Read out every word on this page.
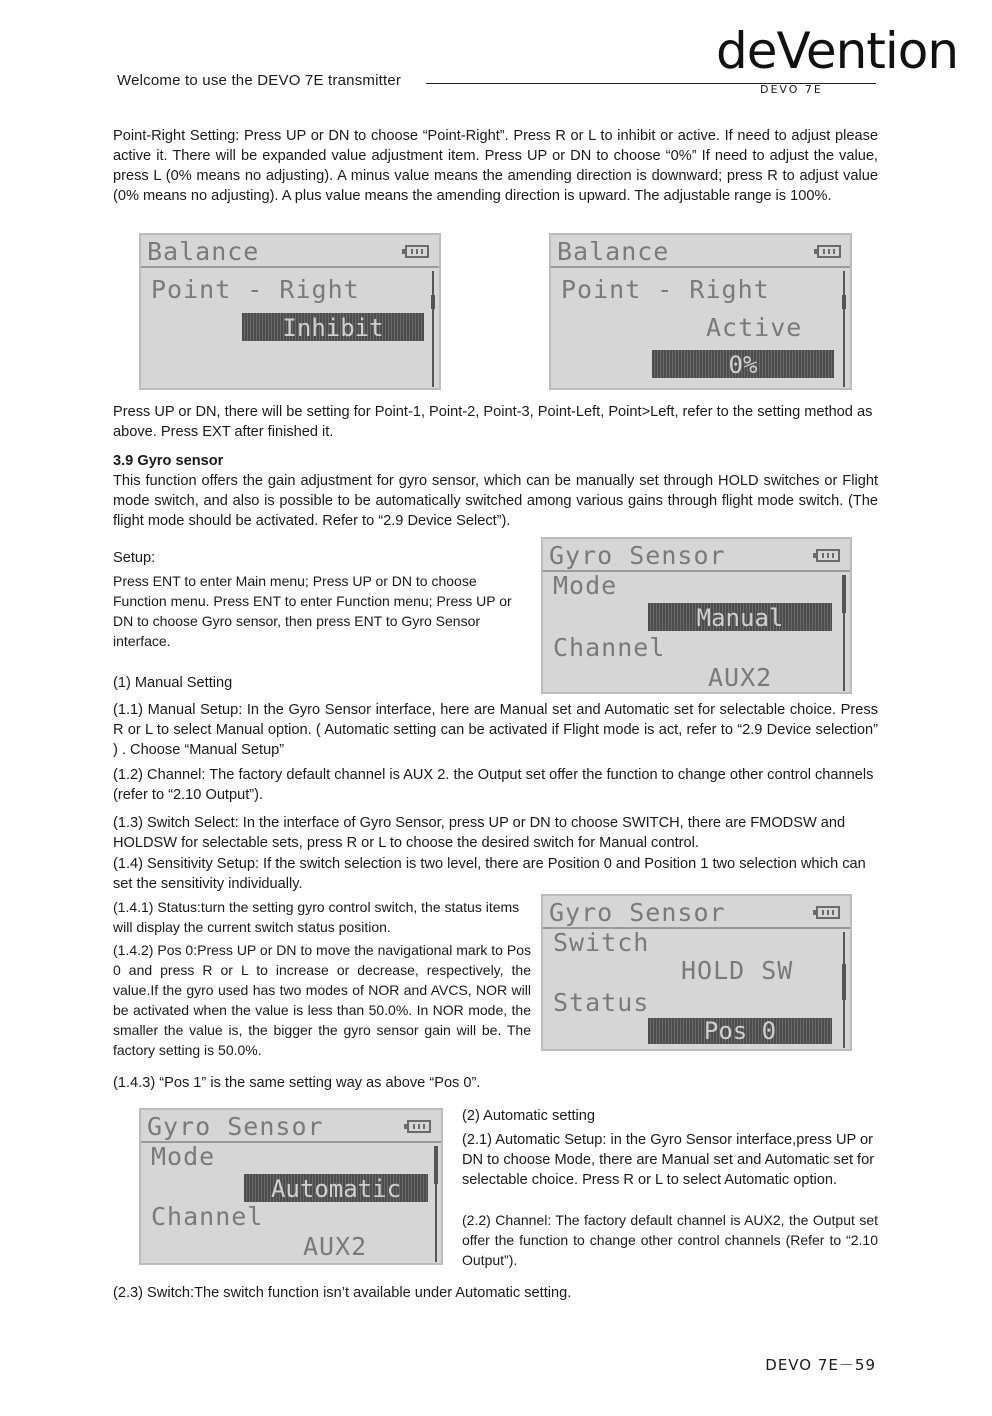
Welcome to use the DEVO 7E transmitter
deVention
DEVO 7E

Point-Right Setting: Press UP or DN to choose “Point-Right”. Press R or L to inhibit or active. If need to adjust please active it. There will be expanded value adjustment item. Press UP or DN to choose “0%” If need to adjust the value, press L (0% means no adjusting). A minus value means the amending direction is downward; press R to adjust value (0% means no adjusting). A plus value means the amending direction is upward. The adjustable range is 100%.

Balance
Point - Right
Inhibit
Balance
Point - Right
Active
0%

Press UP or DN, there will be setting for Point-1, Point-2, Point-3, Point-Left, Point>Left, refer to the setting method as above. Press EXT after finished it.

3.9 Gyro sensor

This function offers the gain adjustment for gyro sensor, which can be manually set through HOLD switches or Flight mode switch, and also is possible to be automatically switched among various gains through flight mode switch. (The flight mode should be activated. Refer to “2.9 Device Select”).

Setup:

Press ENT to enter Main menu; Press UP or DN to choose Function menu. Press ENT to enter Function menu; Press UP or DN to choose Gyro sensor, then press ENT to Gyro Sensor interface.

(1) Manual Setting
Gyro Sensor
Mode
Manual
Channel
AUX2

(1.1) Manual Setup: In the Gyro Sensor interface, here are Manual set and Automatic set for selectable choice. Press R or L to select Manual option. ( Automatic setting can be activated if Flight mode is act, refer to “2.9 Device selection” ) . Choose “Manual Setup”

(1.2) Channel: The factory default channel is AUX 2. the Output set offer the function to change other control channels (refer to “2.10 Output”).

(1.3) Switch Select: In the interface of Gyro Sensor, press UP or DN to choose SWITCH, there are FMODSW and HOLDSW for selectable sets, press R or L to choose the desired switch for Manual control.

(1.4) Sensitivity Setup: If the switch selection is two level, there are Position 0 and Position 1 two selection which can set the sensitivity individually.

(1.4.1) Status:turn the setting gyro control switch, the status items will display the current switch status position.

(1.4.2) Pos 0:Press UP or DN to move the navigational mark to Pos 0 and press R or L to increase or decrease, respectively, the value.If the gyro used has two modes of NOR and AVCS, NOR will be activated when the value is less than 50.0%. In NOR mode, the smaller the value is, the bigger the gyro sensor gain will be. The factory setting is 50.0%.

(1.4.3) “Pos 1” is the same setting way as above “Pos 0”.

Gyro Sensor
Switch
HOLD SW
Status
Pos 0
Gyro Sensor
Mode
Automatic
Channel
AUX2
(2) Automatic setting

(2.1) Automatic Setup: in the Gyro Sensor interface,press UP or DN to choose Mode, there are Manual set and Automatic set for selectable choice. Press R or L to select Automatic option.

(2.2) Channel: The factory default channel is AUX2, the Output set offer the function to change other control channels (Refer to “2.10 Output”).

(2.3) Switch:The switch function isn’t available under Automatic setting.

DEVO 7E－59
